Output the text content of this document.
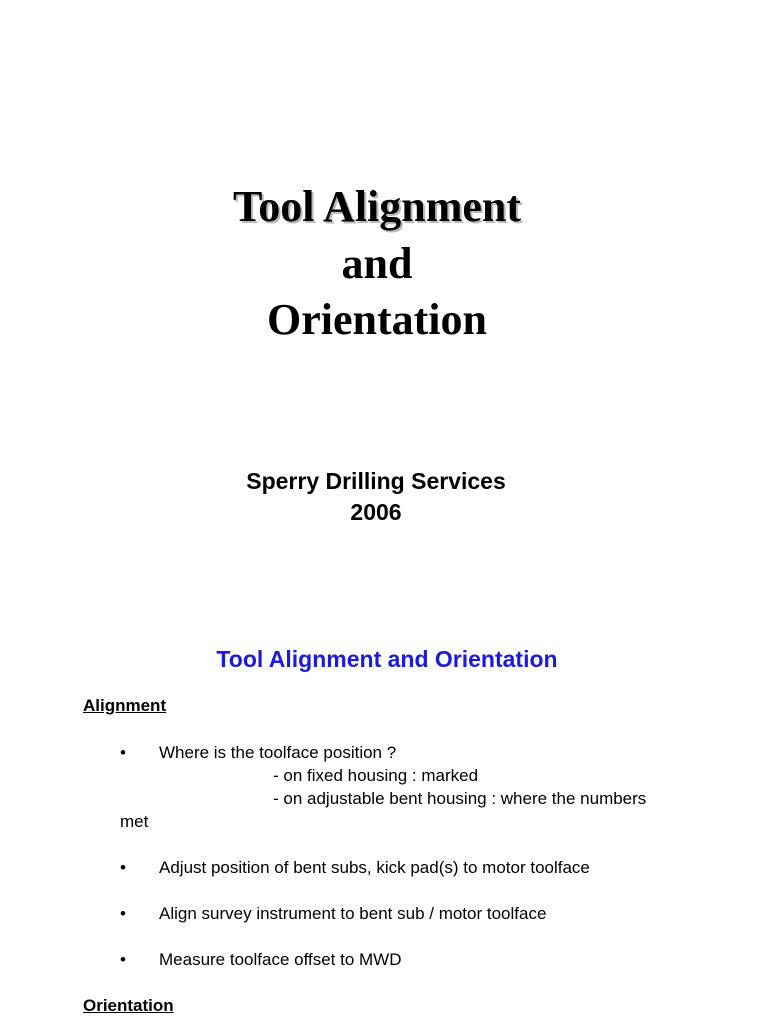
Tool Alignment
and
Orientation
Sperry Drilling Services
2006
Tool Alignment and Orientation
Alignment
• Where is the toolface position ?
- on fixed housing : marked
- on adjustable bent housing : where the numbers
met
• Adjust position of bent subs, kick pad(s) to motor toolface
• Align survey instrument to bent sub / motor toolface
• Measure toolface offset to MWD
Orientation
